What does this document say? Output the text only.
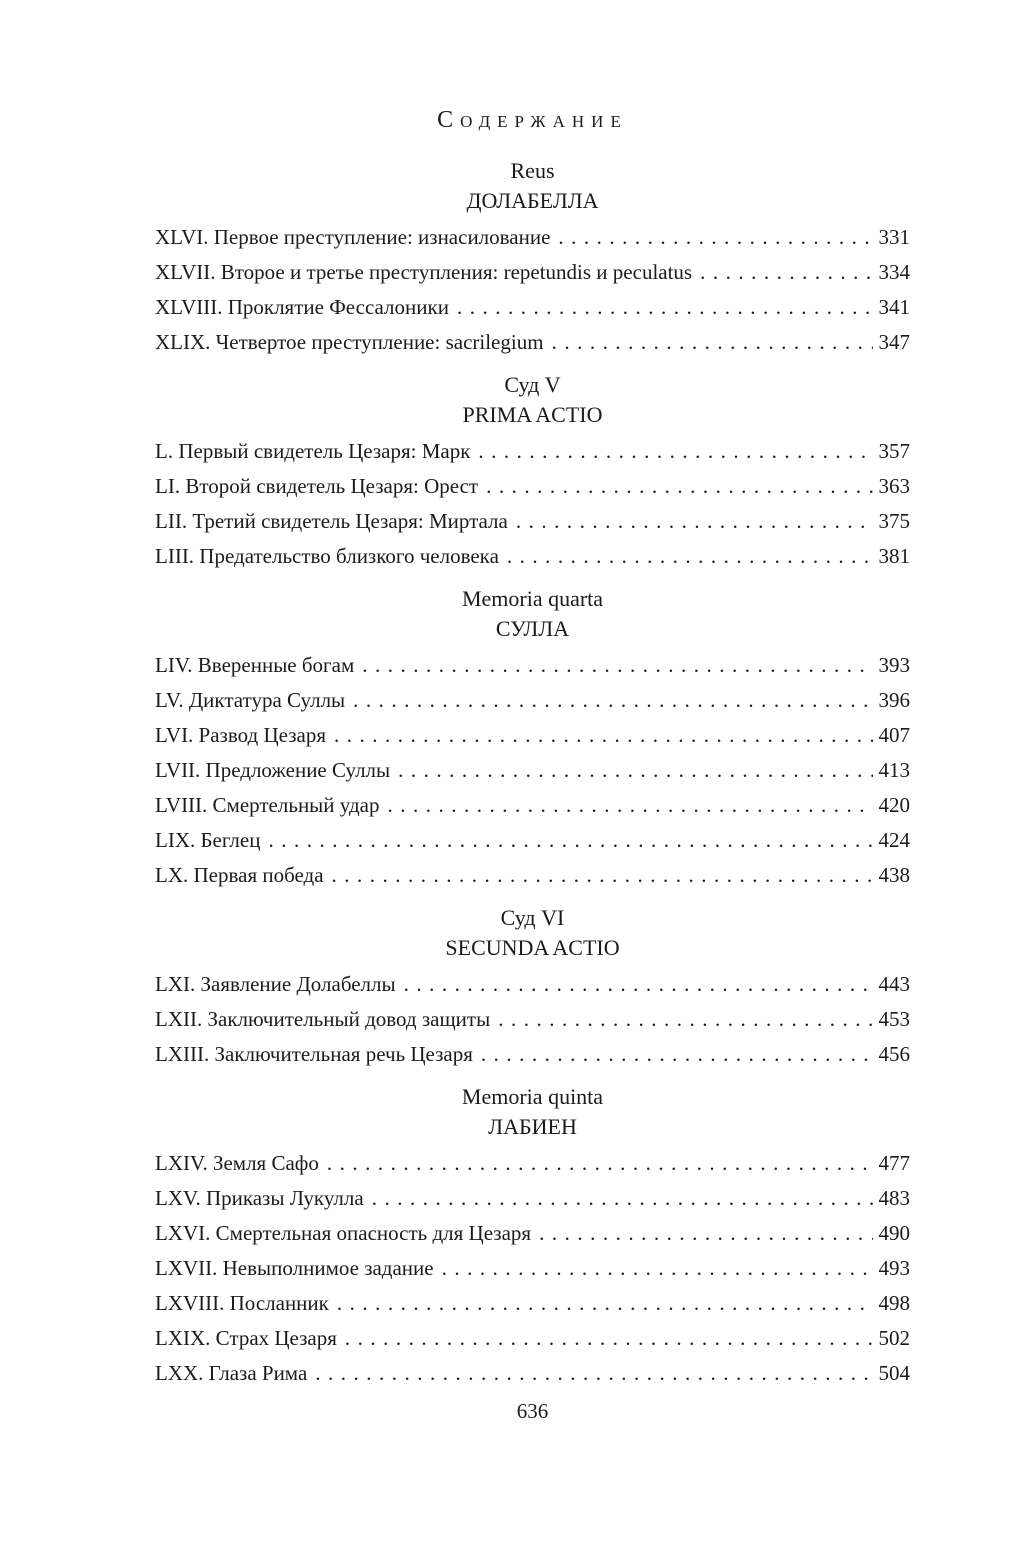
Содержание
Reus
ДОЛАБЕЛЛА
XLVI. Первое преступление: изнасилование .....	331
XLVII. Второе и третье преступления: repetundis и peculatus .....	334
XLVIII. Проклятие Фессалоники .....	341
XLIX. Четвертое преступление: sacrilegium .....	347
Суд V
PRIMA ACTIO
L. Первый свидетель Цезаря: Марк .....	357
LI. Второй свидетель Цезаря: Орест .....	363
LII. Третий свидетель Цезаря: Миртала .....	375
LIII. Предательство близкого человека .....	381
Memoria quarta
СУЛЛА
LIV. Вверенные богам .....	393
LV. Диктатура Суллы .....	396
LVI. Развод Цезаря .....	407
LVII. Предложение Суллы .....	413
LVIII. Смертельный удар .....	420
LIX. Беглец .....	424
LX. Первая победа .....	438
Суд VI
SECUNDA ACTIO
LXI. Заявление Долабеллы .....	443
LXII. Заключительный довод защиты .....	453
LXIII. Заключительная речь Цезаря .....	456
Memoria quinta
ЛАБИЕН
LXIV. Земля Сафо .....	477
LXV. Приказы Лукулла .....	483
LXVI. Смертельная опасность для Цезаря .....	490
LXVII. Невыполнимое задание .....	493
LXVIII. Посланник .....	498
LXIX. Страх Цезаря .....	502
LXX. Глаза Рима .....	504
636
